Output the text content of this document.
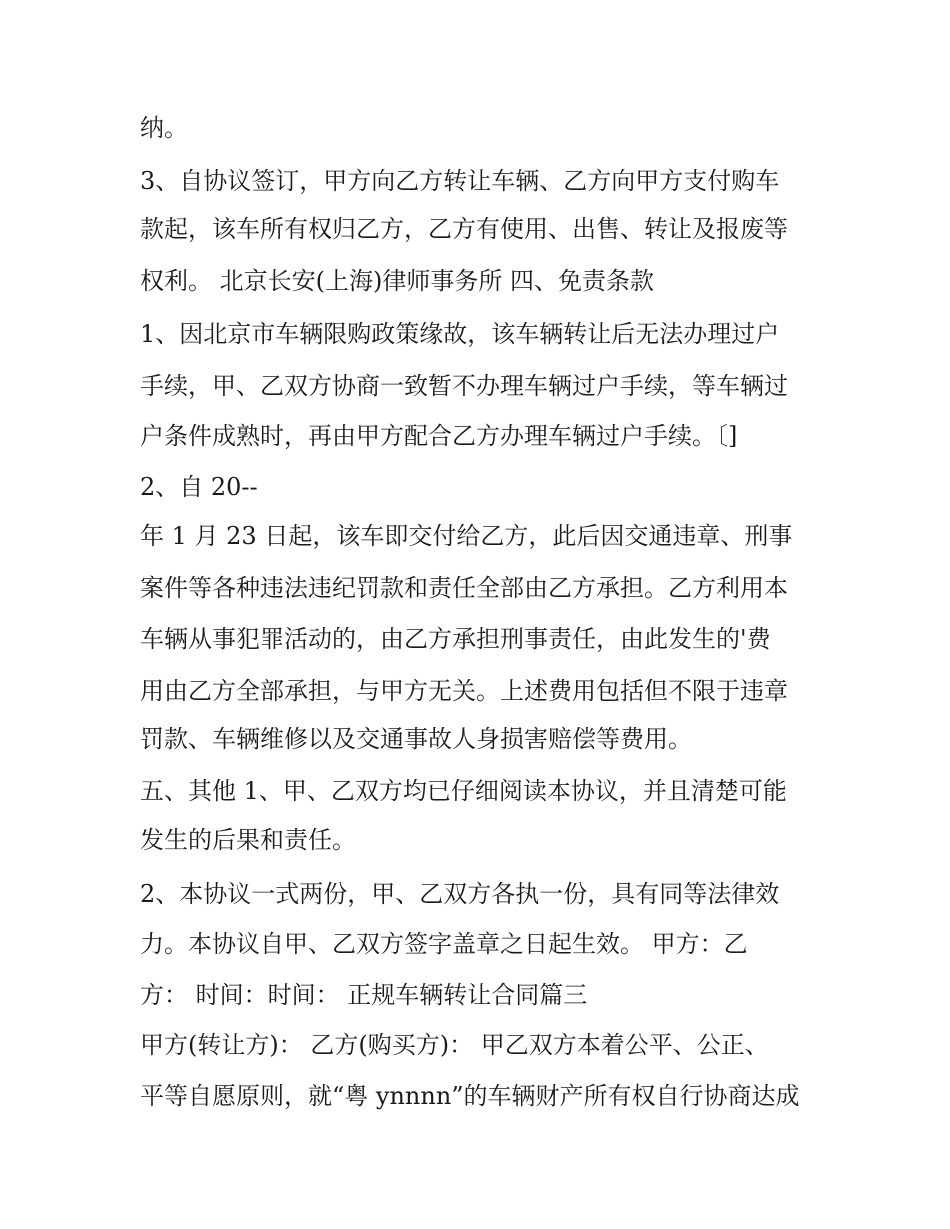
纳。

3、自协议签订，甲方向乙方转让车辆、乙方向甲方支付购车

款起，该车所有权归乙方，乙方有使用、出售、转让及报废等

权利。 北京长安(上海)律师事务所 四、免责条款

1、因北京市车辆限购政策缘故，该车辆转让后无法办理过户

手续，甲、乙双方协商一致暂不办理车辆过户手续，等车辆过

户条件成熟时，再由甲方配合乙方办理车辆过户手续。〔]

2、自 20--

年 1 月 23 日起，该车即交付给乙方，此后因交通违章、刑事

案件等各种违法违纪罚款和责任全部由乙方承担。乙方利用本

车辆从事犯罪活动的，由乙方承担刑事责任，由此发生的'费

用由乙方全部承担，与甲方无关。上述费用包括但不限于违章

罚款、车辆维修以及交通事故人身损害赔偿等费用。

五、其他 1、甲、乙双方均已仔细阅读本协议，并且清楚可能

发生的后果和责任。

2、本协议一式两份，甲、乙双方各执一份，具有同等法律效

力。本协议自甲、乙双方签字盖章之日起生效。 甲方：乙

方： 时间：时间： 正规车辆转让合同篇三

甲方(转让方)： 乙方(购买方)： 甲乙双方本着公平、公正、

平等自愿原则，就“粤 ynnnn”的车辆财产所有权自行协商达成
